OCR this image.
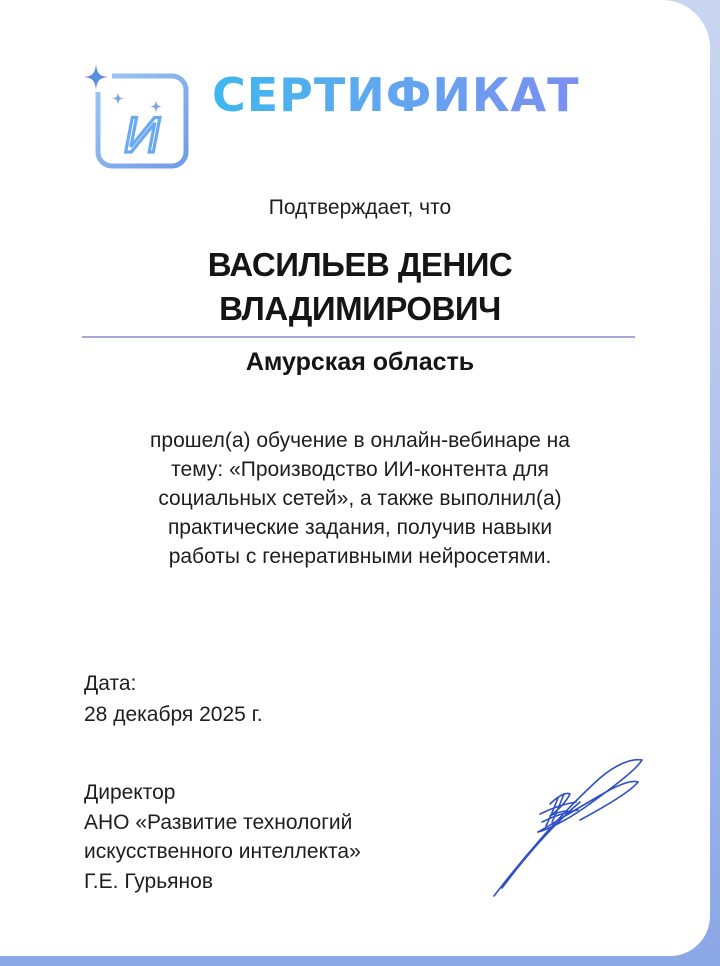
И
СЕРТИФИКАТ
Подтверждает, что
ВАСИЛЬЕВ ДЕНИС
ВЛАДИМИРОВИЧ
Амурская область
прошел(а) обучение в онлайн-вебинаре на
тему: «Производство ИИ-контента для
социальных сетей», а также выполнил(а)
практические задания, получив навыки
работы с генеративными нейросетями.
Дата:
28 декабря 2025 г.
Директор
АНО «Развитие технологий
искусственного интеллекта»
Г.Е. Гурьянов
